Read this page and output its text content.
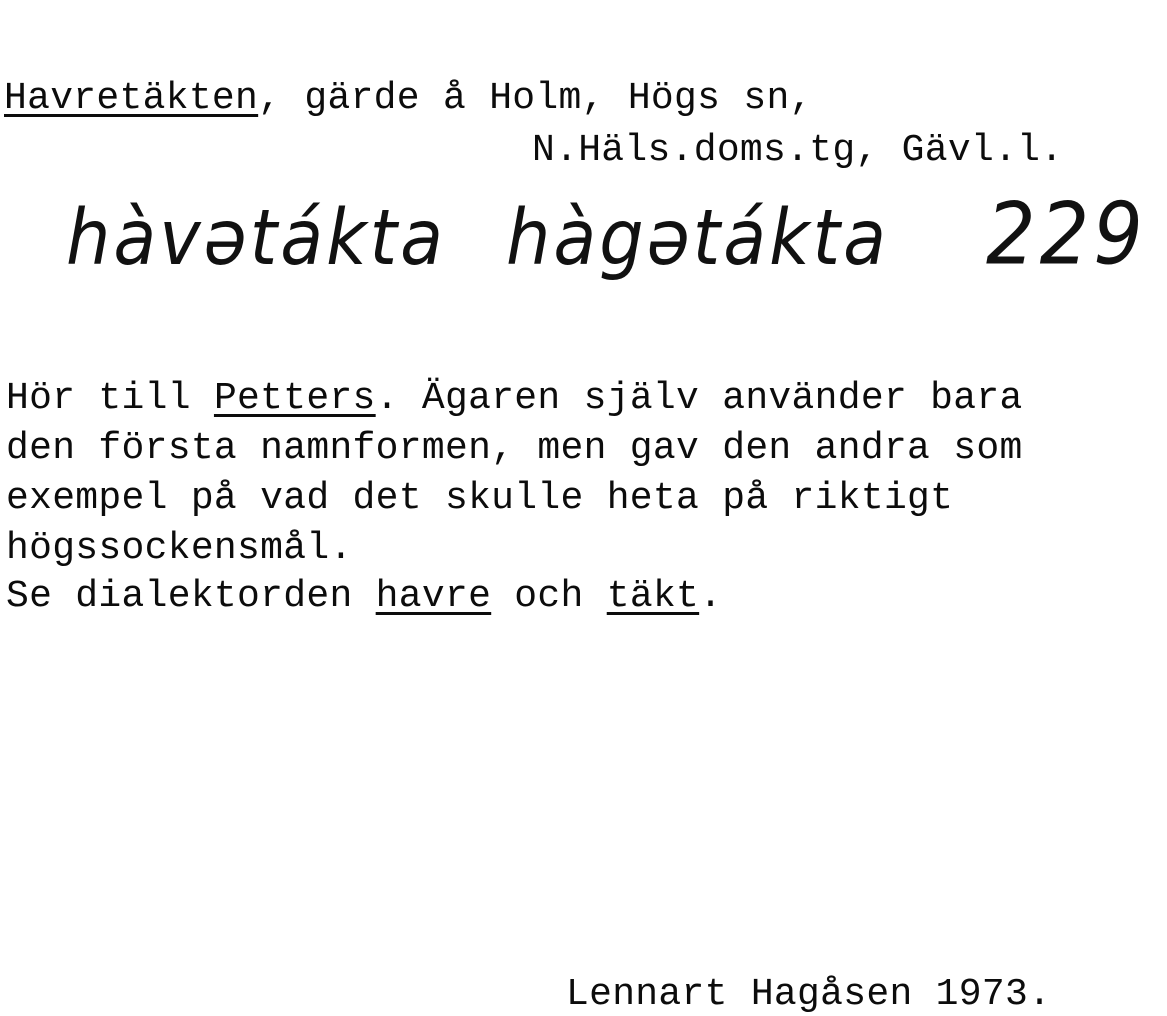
Havretäkten, gärde å Holm, Högs sn,
N.Häls.doms.tg, Gävl.l.
hàvətákta hàgətákta 229
Hör till Petters. Ägaren själv använder bara
den första namnformen, men gav den andra som
exempel på vad det skulle heta på riktigt
högssockensmål.
Se dialektorden havre och täkt.
Lennart Hagåsen 1973.
